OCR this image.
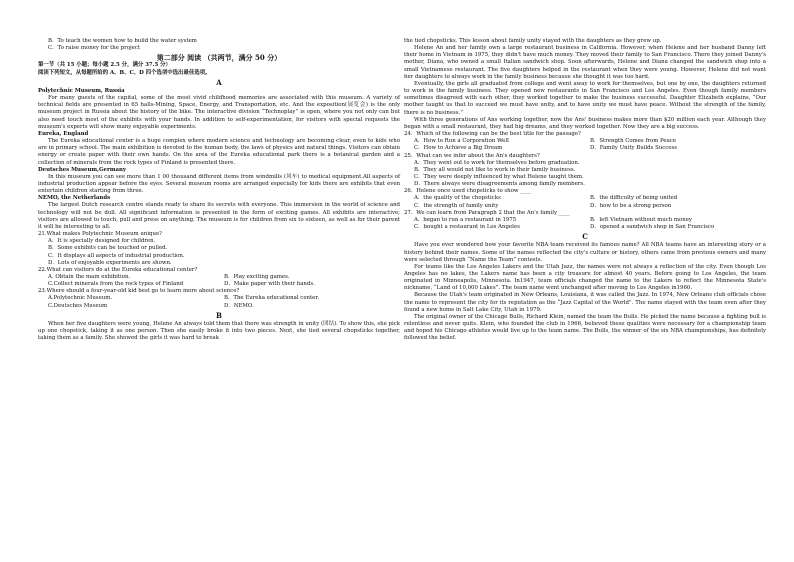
B．To teach the women how to build the water system

C．To raise money for the project

第二部分 阅读 （共两节，满分 50 分）

第一节（共 15 小题；每小题 2.5 分，满分 37.5 分）

阅读下列短文，从每题所给的 A、B、C、D 四个选项中选出最佳选项。

A

Polytechnic Museum, Russia

For many guests of the capital, some of the most vivid childhood memories are associated with this museum. A variety of technical fields are presented in 65 halls-Mining, Space, Energy, and Transportation, etc. And the exposition(展览会) is the only museum project in Russia about the history of the bike. The interactive division “Technoplay” is open, where you not only can but also need touch most of the exhibits with your hands. In addition to self-experimentation, for visitors with special requests the museum's experts will show many enjoyable experiments.

Eureka, England

The Eureka educational center is a huge complex where modern science and technology are becoming clear, even to kids who are in primary school. The main exhibition is devoted to the human body, the laws of physics and natural things. Visitors can obtain energy or create paper with their own hands. On the area of the Eureka educational park there is a botanical garden and a collection of minerals from the rock types of Finland is presented there.

Deutsches Museum,Germany

In this museum you can see more than 1 00 thousand different items from windmills (风车) to medical equipment.All aspects of industrial production appear before the eyes. Several museum rooms are arranged especially for kids there are exhibits that even entertain children starting from three.

NEMO, the Netherlands

The largest Dutch research centre stands ready to share its secrets with everyone. This immersion in the world of science and technology will not be dull. All significant information is presented in the form of exciting games. All exhibits are interactive; visitors are allowed to touch, pull and press on anything. The museum is for children from six to sixteen, as well as for their parent it will be interesting to all.

21.What makes Polytechnic Museum unique?

A．It is specially designed for children.

B．Some exhibits can be touched or pulled.

C．It displays all aspects of industrial production.

D．Lots of enjoyable experiments are shown.

22.What can visitors do at the Eureka educational center?

A. Obtain the main exhibition.	B．Play exciting games.
C.Collect minerals from the rock types of Finland	D．Make paper with their hands.

23.Where should a four-year-old kid best go to learn more about science?

A.Polytechnic Museum.	B．The Eureka educational center.
C.Deutsches Museum	D．NEMO.

B

When her five daughters were young, Helene An always told them that there was strength in unity (团结). To show this, she pick up one chopstick, taking it as one person. Then she easily broke it into two pieces. Next, she tied several chopsticks together, taking them as a family. She showed the girls it was hard to break

the tied chopsticks. This lesson about family unity stayed with the daughters as they grew up.

Helene An and her family own a large restaurant business in California. However, when Helene and her husband Danny left their home in Vietnam in 1975, they didn't have much money. They moved their family to San Francisco. There they joined Danny's mother, Diana, who owned a small Italian sandwich shop. Soon afterwards, Helene and Diana changed the sandwich shop into a small Vietnamese restaurant. The five daughters helped in the restaurant when they were young. However, Helene did not want her daughters to always work in the family business because she thought it was too hard.

Eventually, the girls all graduated from college and went away to work for themselves, but one by one, the daughters returned to work in the family business. They opened new restaurants in San Francisco and Los Angeles. Even though family members sometimes disagreed with each other, they worked together to make the business successful. Daughter Elizabeth explains, “Our mother taught us that to succeed we must have unity, and to have unity we must have peace. Without the strength of the family, there is no business.”

With three generations of Ans working together, now the Ans' business makes more than $20 million each year. Although they began with a small restaurant, they had big dreams, and they worked together. Now they are a big success.

24．Which of the following can be the best title for the passage?

A．How to Run a Corporation Well	B．Strength Comes from Peace
C．How to Achieve a Big Dream	D．Family Unity Builds Success

25．What can we infer about the An's daughters?

A．They went out to work for themselves before graduation.

B．They all would not like to work in their family business.

C．They were deeply influenced by what Helene taught them.

D．There always were disagreements among family members.

26．Helene once used chopsticks to show ____

A．the quality of the chopsticks	B．the difficulty of being united
C．the strength of family unity	D．how to be a strong person

27．We can learn from Paragraph 2 that the An's family ____

A．began to run a restaurant in 1975	B．left Vietnam without much money
C．bought a restaurant in Los Angeles	D．opened a sandwich shop in San Francisco

C

Have you ever wondered how your favorite NBA team received its famous name? All NBA teams have an interesting story or a history behind their names. Some of the names reflected the city's culture or history, others came from previous owners and many were selected through “Name the Team” contests.

For teams like the Los Angeles Lakers and the Utah Jazz, the names were not always a reflection of the city. Even though Los Angeles has no lakes, the Lakers name has been a city treasure for almost 40 years. Before going to Los Angeles, the team originated in Minneapolis, Minnesota. In1947, team officials changed the name to the Lakers to reflect the Minnesota State's nickname, “Land of 10,000 Lakes”. The team name went unchanged after moving to Los Angeles in1960.

Because the Utah's team originated in New Orleans, Louisiana, it was called the Jazz. In 1974, New Orleans club officials chose the name to represent the city for its reputation as the “Jazz Capital of the World”. The name stayed with the team even after they found a new home in Salt Lake City, Utah in 1979.

The original owner of the Chicago Bulls, Richard Klein, named the team the Bulls. He picked the name because a fighting bull is relentless and never quits. Klein, who founded the club in 1966, believed these qualities were necessary for a championship team and hoped his Chicago athletes would live up to the team name. The Bulls, the winner of the six NBA championships, has definitely followed the belief.
